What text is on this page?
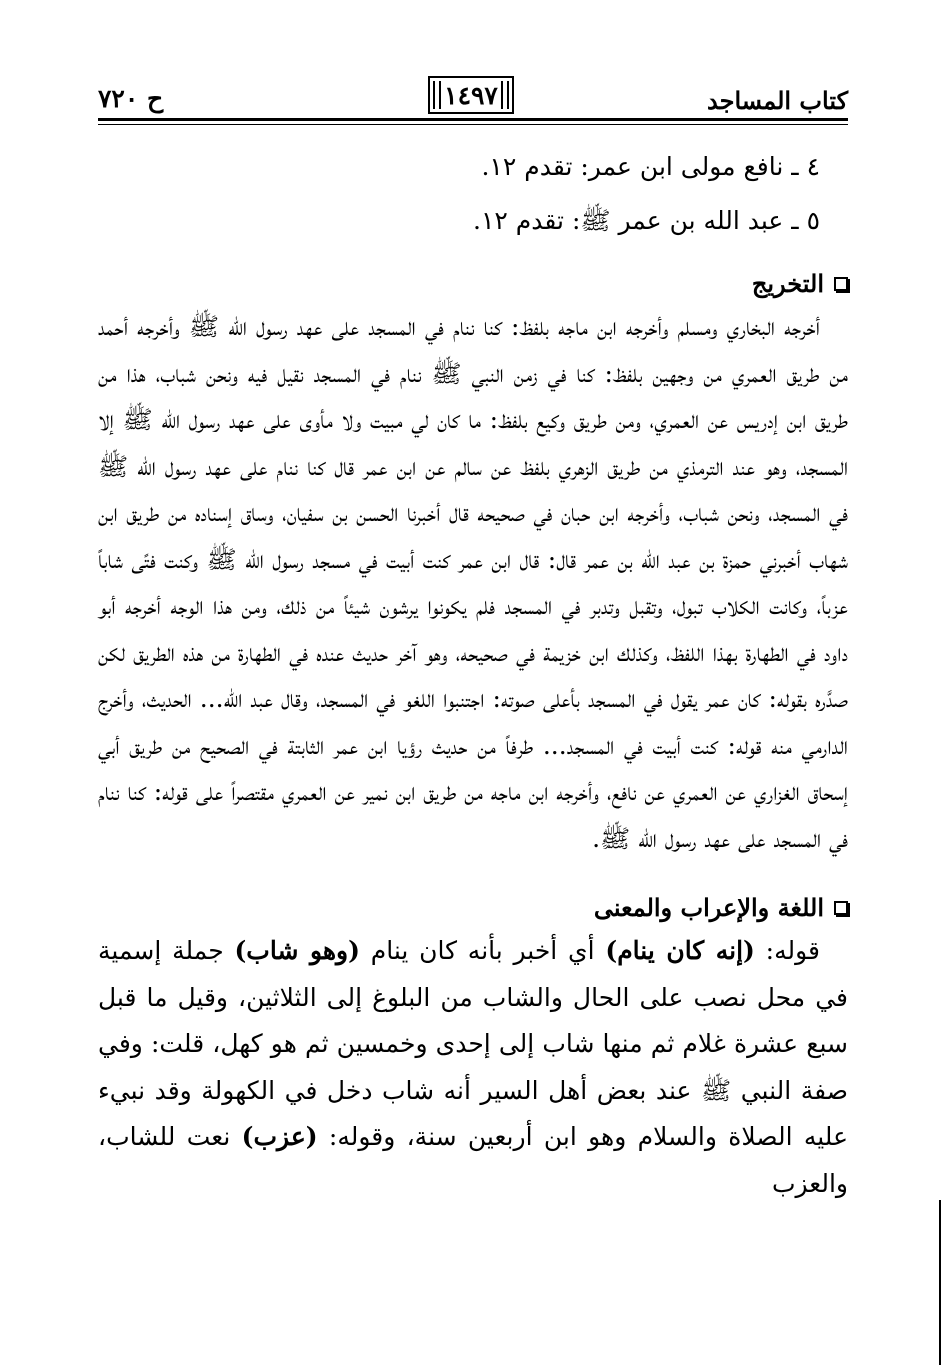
كتاب المساجد
١٤٩٧
ح ٧٢٠
٤ ـ نافع مولى ابن عمر: تقدم ١٢.
٥ ـ عبد الله بن عمر ﷺ: تقدم ١٢.
التخريج

أخرجه البخاري ومسلم وأخرجه ابن ماجه بلفظ: كنا ننام في المسجد على عهد رسول الله ﷺ وأخرجه أحمد من طريق العمري من وجهين بلفظ: كنا في زمن النبي ﷺ ننام في المسجد نقيل فيه ونحن شباب، هذا من طريق ابن إدريس عن العمري، ومن طريق وكيع بلفظ: ما كان لي مبيت ولا مأوى على عهد رسول الله ﷺ إلا المسجد، وهو عند الترمذي من طريق الزهري بلفظ عن سالم عن ابن عمر قال كنا ننام على عهد رسول الله ﷺ في المسجد، ونحن شباب، وأخرجه ابن حبان في صحيحه قال أخبرنا الحسن بن سفيان، وساق إسناده من طريق ابن شهاب أخبرني حمزة بن عبد الله بن عمر قال: قال ابن عمر كنت أبيت في مسجد رسول الله ﷺ وكنت فتًى شاباً عزباً، وكانت الكلاب تبول، وتقبل وتدبر في المسجد فلم يكونوا يرشون شيئاً من ذلك، ومن هذا الوجه أخرجه أبو داود في الطهارة بهذا اللفظ، وكذلك ابن خزيمة في صحيحه، وهو آخر حديث عنده في الطهارة من هذه الطريق لكن صدَّره بقوله: كان عمر يقول في المسجد بأعلى صوته: اجتنبوا اللغو في المسجد، وقال عبد الله... الحديث، وأخرج الدارمي منه قوله: كنت أبيت في المسجد... طرفاً من حديث رؤيا ابن عمر الثابتة في الصحيح من طريق أبي إسحاق الغزاري عن العمري عن نافع، وأخرجه ابن ماجه من طريق ابن نمير عن العمري مقتصراً على قوله: كنا ننام في المسجد على عهد رسول الله ﷺ.

اللغة والإعراب والمعنى

قوله: (إنه كان ينام) أي أخبر بأنه كان ينام (وهو شاب) جملة إسمية في محل نصب على الحال والشاب من البلوغ إلى الثلاثين، وقيل ما قبل سبع عشرة غلام ثم منها شاب إلى إحدى وخمسين ثم هو كهل، قلت: وفي صفة النبي ﷺ عند بعض أهل السير أنه شاب دخل في الكهولة وقد نبيء عليه الصلاة والسلام وهو ابن أربعين سنة، وقوله: (عزب) نعت للشاب، والعزب
